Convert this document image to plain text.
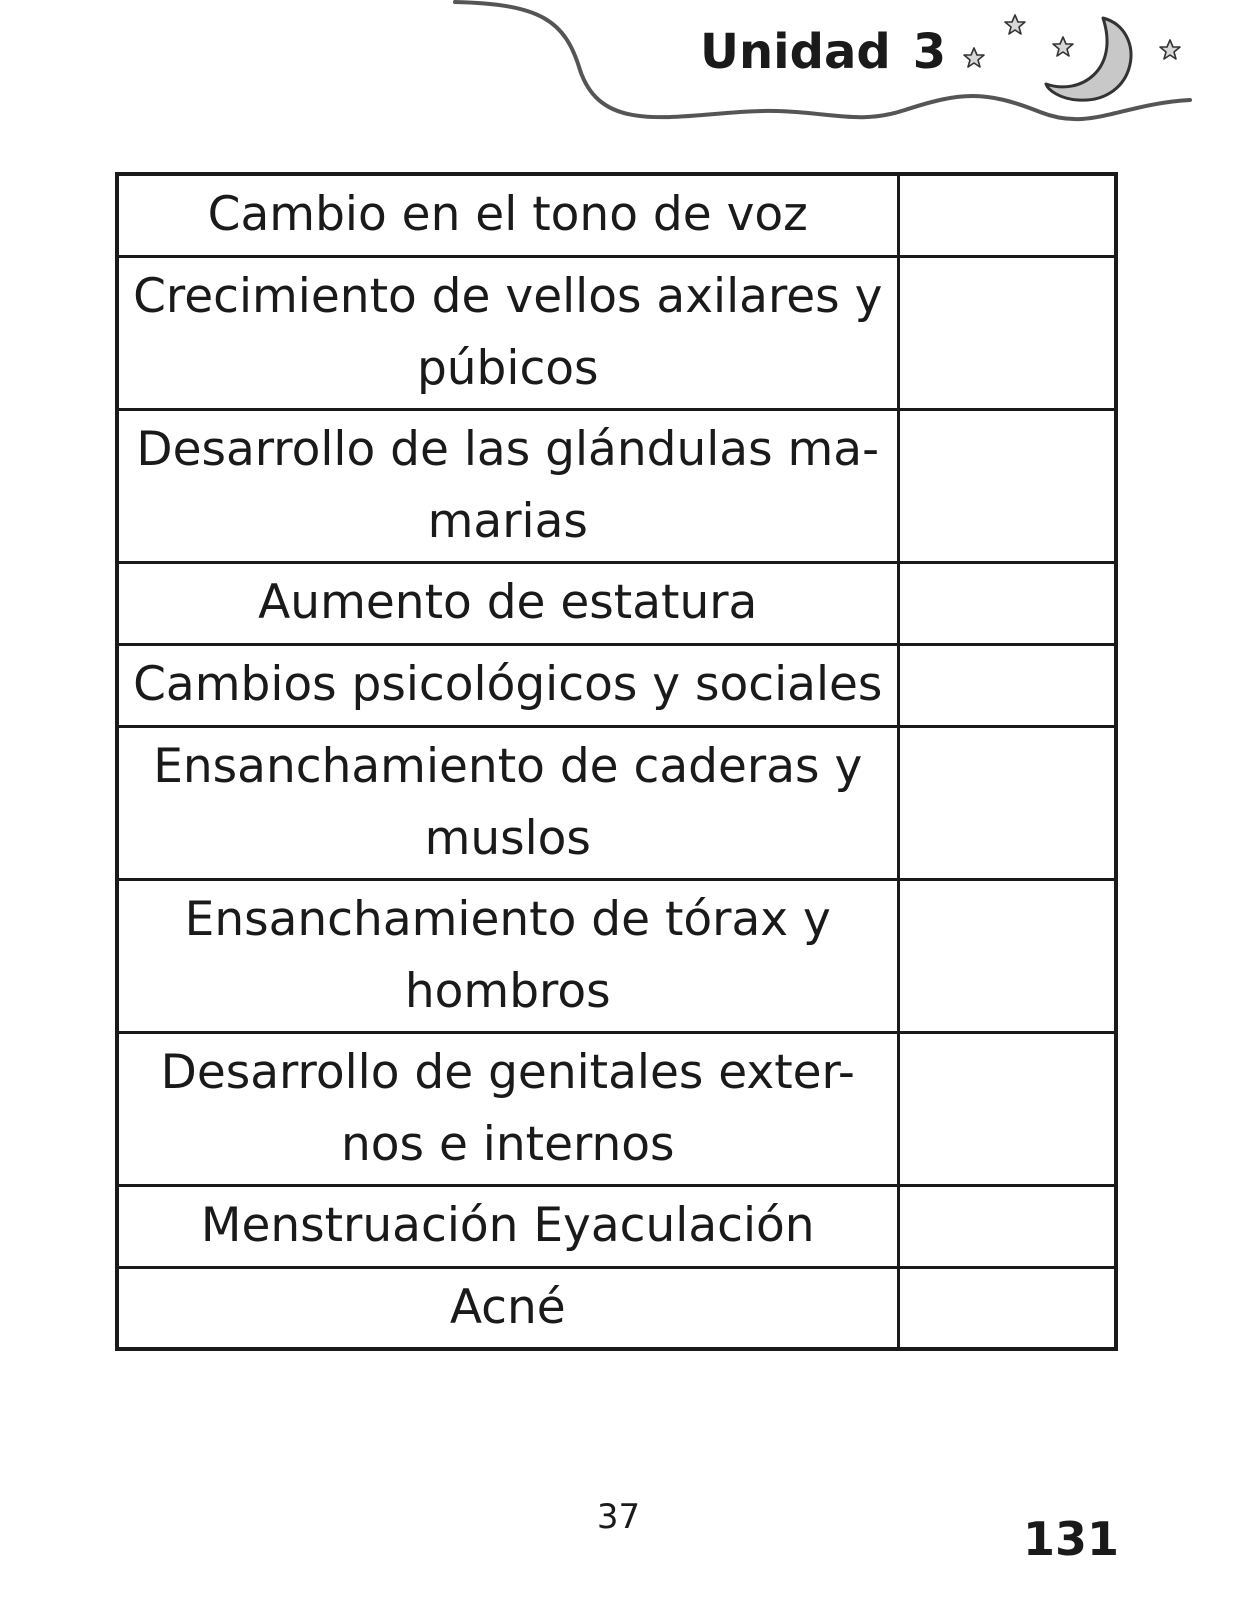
Unidad 3
Cambio en el tono de voz	
Crecimiento de vellos axilares y púbicos	
Desarrollo de las glándulas ma-marias	
Aumento de estatura	
Cambios psicológicos y sociales	
Ensanchamiento de caderas y muslos	
Ensanchamiento de tórax y hombros	
Desarrollo de genitales exter-nos e internos	
Menstruación Eyaculación	
Acné	
37	131
